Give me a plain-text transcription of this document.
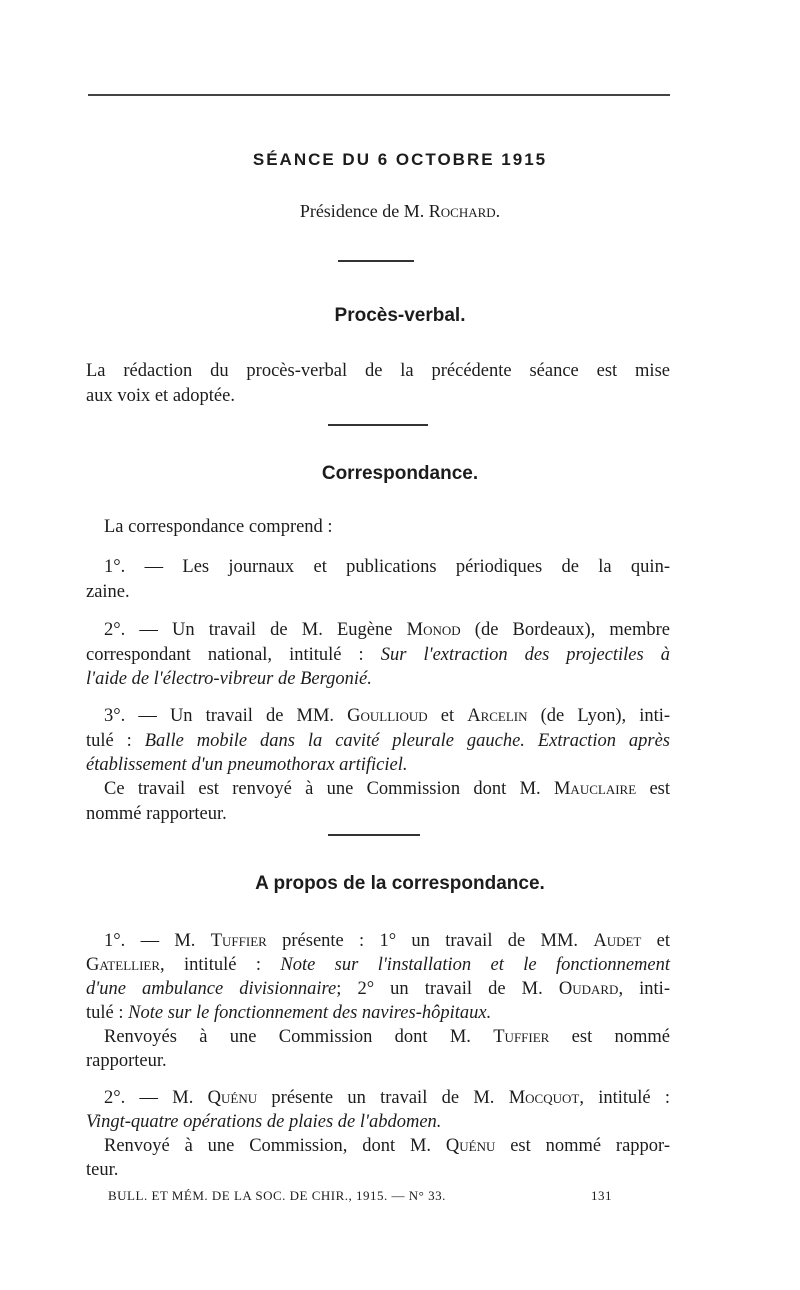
SÉANCE DU 6 OCTOBRE 1915
Présidence de M. Rochard.
Procès-verbal.
La rédaction du procès-verbal de la précédente séance est mise
aux voix et adoptée.
Correspondance.
La correspondance comprend :
1°. — Les journaux et publications périodiques de la quin-
zaine.
2°. — Un travail de M. Eugène Monod (de Bordeaux), membre
correspondant national, intitulé : Sur l'extraction des projectiles à
l'aide de l'électro-vibreur de Bergonié.
3°. — Un travail de MM. Goullioud et Arcelin (de Lyon), inti-
tulé : Balle mobile dans la cavité pleurale gauche. Extraction après
établissement d'un pneumothorax artificiel.
Ce travail est renvoyé à une Commission dont M. Mauclaire est
nommé rapporteur.
A propos de la correspondance.
1°. — M. Tuffier présente : 1° un travail de MM. Audet et
Gatellier, intitulé : Note sur l'installation et le fonctionnement
d'une ambulance divisionnaire; 2° un travail de M. Oudard, inti-
tulé : Note sur le fonctionnement des navires-hôpitaux.
Renvoyés à une Commission dont M. Tuffier est nommé
rapporteur.
2°. — M. Quénu présente un travail de M. Mocquot, intitulé :
Vingt-quatre opérations de plaies de l'abdomen.
Renvoyé à une Commission, dont M. Quénu est nommé rappor-
teur.
BULL. ET MÉM. DE LA SOC. DE CHIR., 1915. — N° 33.	131
